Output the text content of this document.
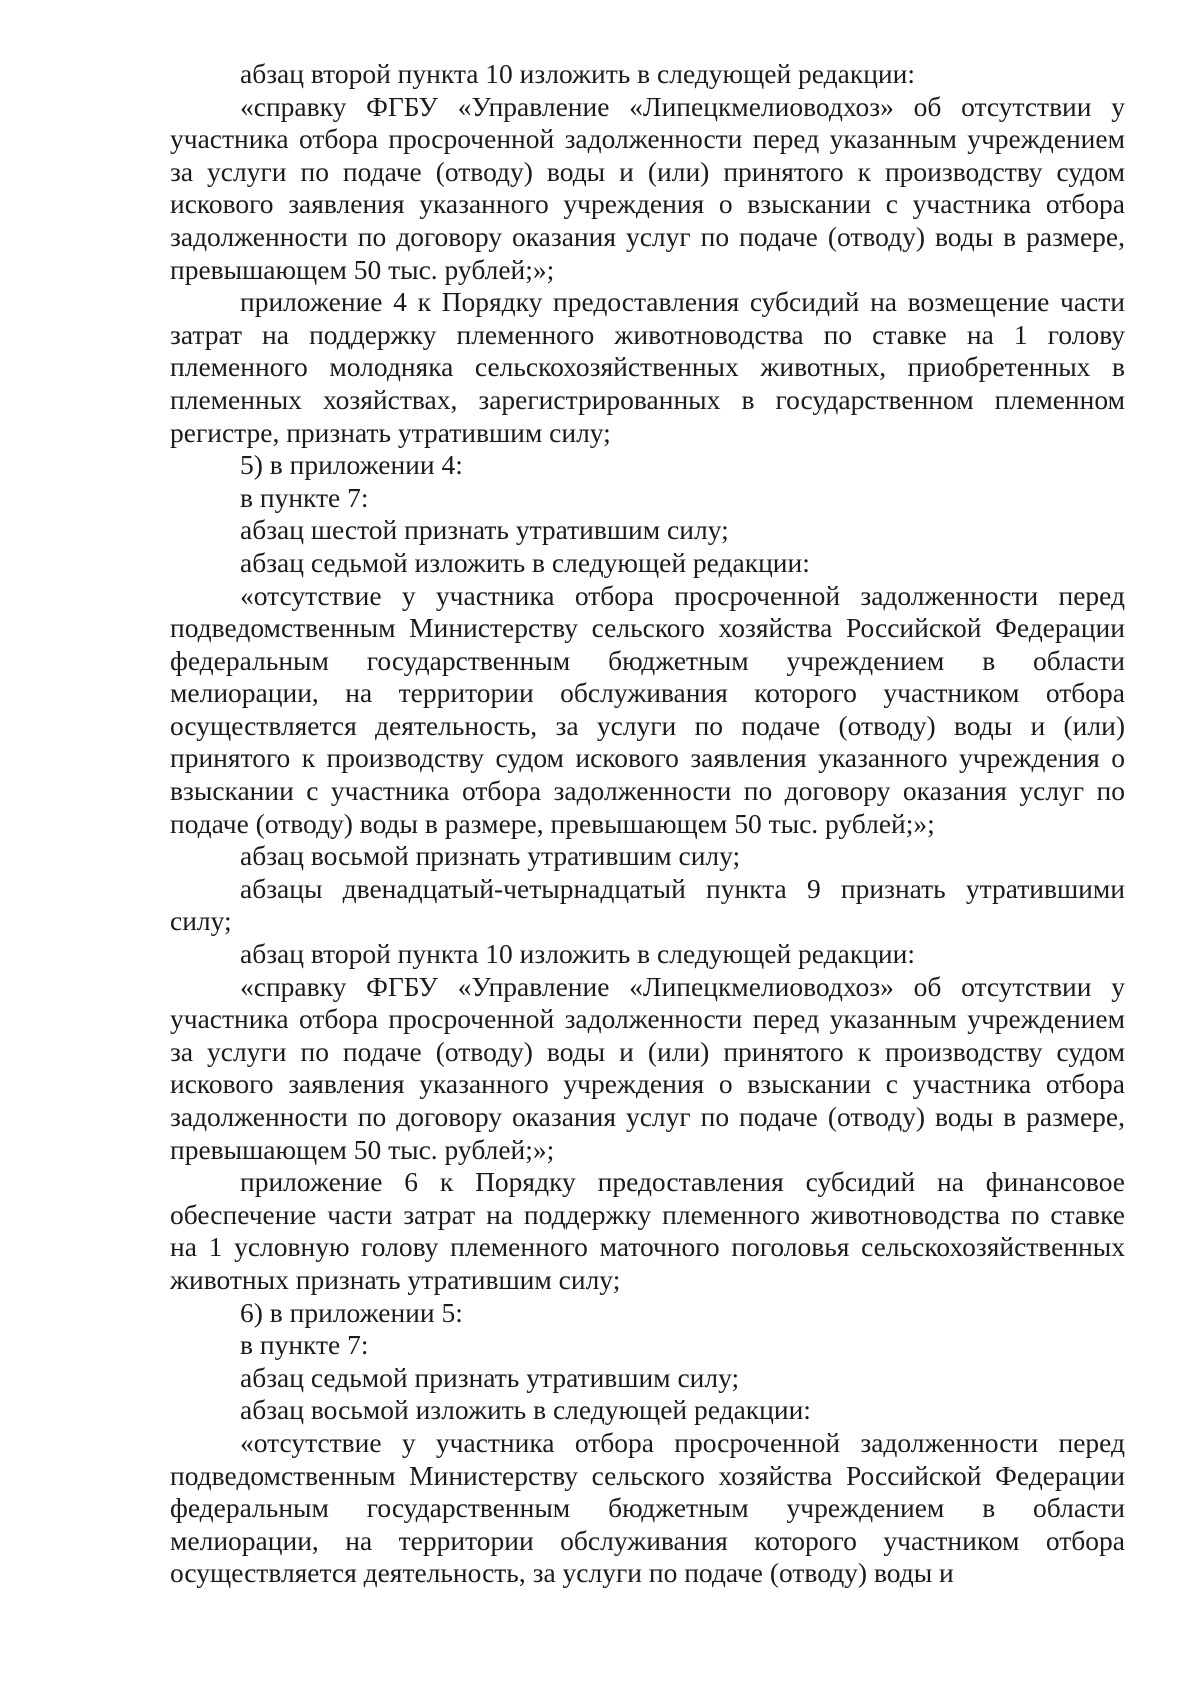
абзац второй пункта 10 изложить в следующей редакции:

«справку ФГБУ «Управление «Липецкмелиоводхоз» об отсутствии у участника отбора просроченной задолженности перед указанным учреждением за услуги по подаче (отводу) воды и (или) принятого к производству судом искового заявления указанного учреждения о взыскании с участника отбора задолженности по договору оказания услуг по подаче (отводу) воды в размере, превышающем 50 тыс. рублей;»;

приложение 4 к Порядку предоставления субсидий на возмещение части затрат на поддержку племенного животноводства по ставке на 1 голову племенного молодняка сельскохозяйственных животных, приобретенных в племенных хозяйствах, зарегистрированных в государственном племенном регистре, признать утратившим силу;

5) в приложении 4:

в пункте 7:

абзац шестой признать утратившим силу;

абзац седьмой изложить в следующей редакции:

«отсутствие у участника отбора просроченной задолженности перед подведомственным Министерству сельского хозяйства Российской Федерации федеральным государственным бюджетным учреждением в области мелиорации, на территории обслуживания которого участником отбора осуществляется деятельность, за услуги по подаче (отводу) воды и (или) принятого к производству судом искового заявления указанного учреждения о взыскании с участника отбора задолженности по договору оказания услуг по подаче (отводу) воды в размере, превышающем 50 тыс. рублей;»;

абзац восьмой признать утратившим силу;

абзацы двенадцатый-четырнадцатый пункта 9 признать утратившими силу;

абзац второй пункта 10 изложить в следующей редакции:

«справку ФГБУ «Управление «Липецкмелиоводхоз» об отсутствии у участника отбора просроченной задолженности перед указанным учреждением за услуги по подаче (отводу) воды и (или) принятого к производству судом искового заявления указанного учреждения о взыскании с участника отбора задолженности по договору оказания услуг по подаче (отводу) воды в размере, превышающем 50 тыс. рублей;»;

приложение 6 к Порядку предоставления субсидий на финансовое обеспечение части затрат на поддержку племенного животноводства по ставке на 1 условную голову племенного маточного поголовья сельскохозяйственных животных признать утратившим силу;

6) в приложении 5:

в пункте 7:

абзац седьмой признать утратившим силу;

абзац восьмой изложить в следующей редакции:

«отсутствие у участника отбора просроченной задолженности перед подведомственным Министерству сельского хозяйства Российской Федерации федеральным государственным бюджетным учреждением в области мелиорации, на территории обслуживания которого участником отбора осуществляется деятельность, за услуги по подаче (отводу) воды и
